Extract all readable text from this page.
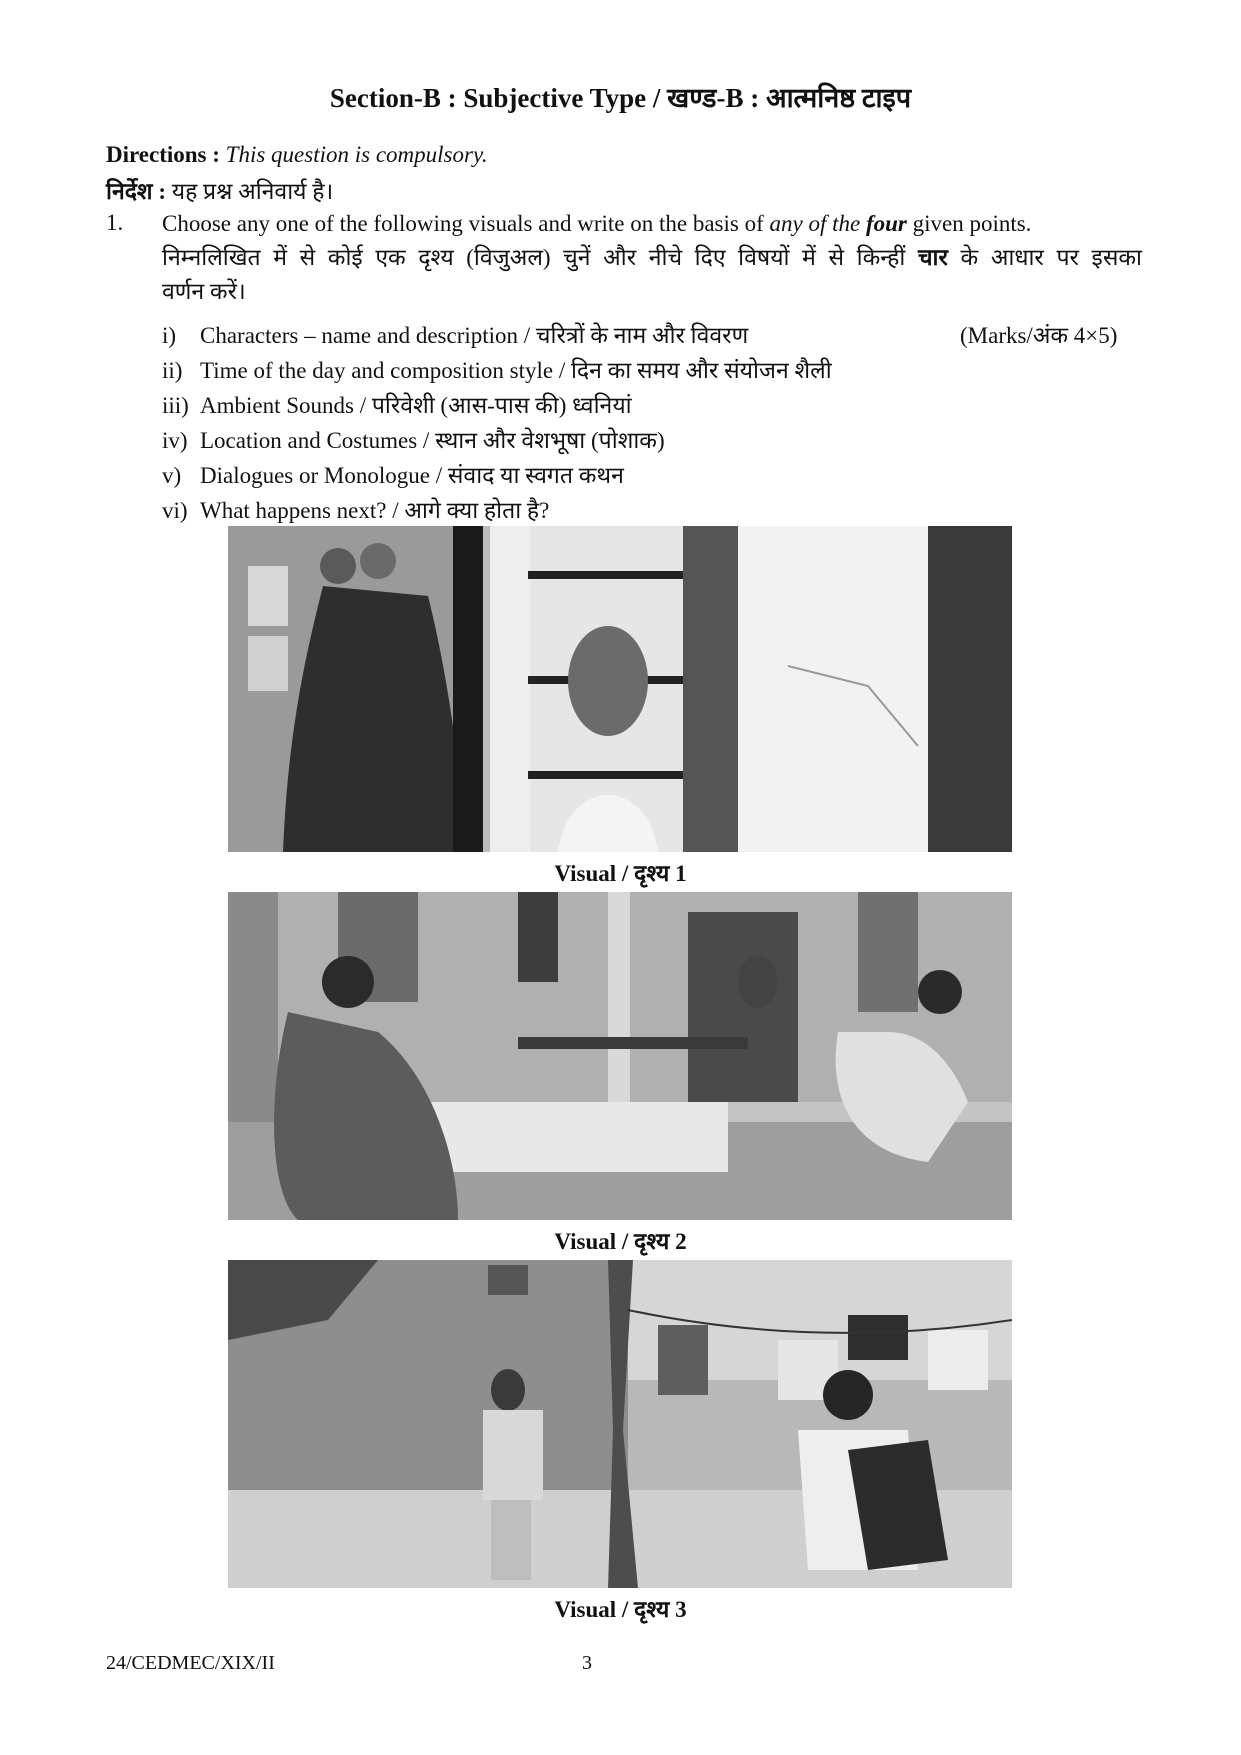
Section-B : Subjective Type / खण्ड-B : आत्मनिष्ठ टाइप
Directions : This question is compulsory.
निर्देश : यह प्रश्न अनिवार्य है।
1. Choose any one of the following visuals and write on the basis of any of the four given points.
निम्नलिखित में से कोई एक दृश्य (विजुअल) चुनें और नीचे दिए विषयों में से किन्हीं चार के आधार पर इसका
वर्णन करें।
(Marks/अंक 4×5)
i) Characters – name and description / चरित्रों के नाम और विवरण
ii) Time of the day and composition style / दिन का समय और संयोजन शैली
iii) Ambient Sounds / परिवेशी (आस-पास की) ध्वनियां
iv) Location and Costumes / स्थान और वेशभूषा (पोशाक)
v) Dialogues or Monologue / संवाद या स्वगत कथन
vi) What happens next? / आगे क्या होता है?
Visual / दृश्य 1
Visual / दृश्य 2
Visual / दृश्य 3
24/CEDMEC/XIX/II	3
